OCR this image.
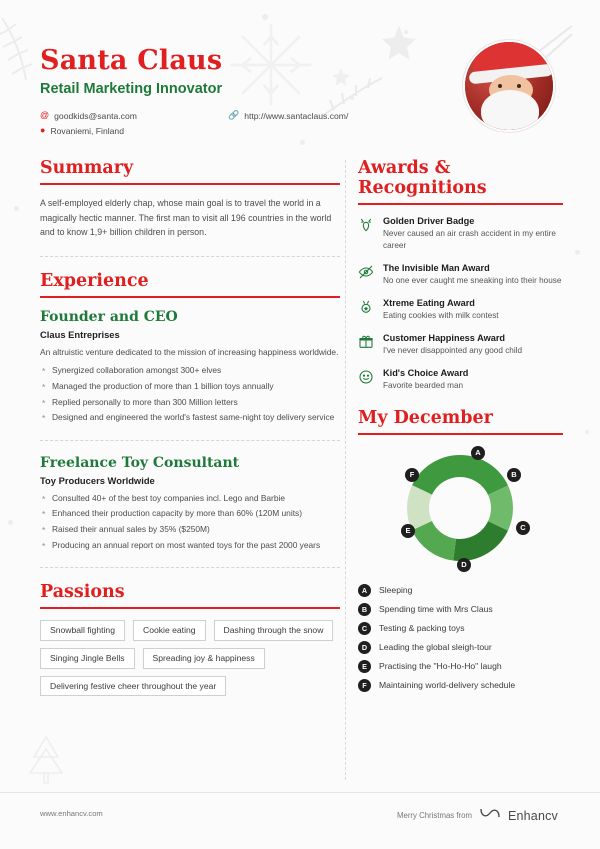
Santa Claus
Retail Marketing Innovator
@ goodkids@santa.com	🔗 http://www.santaclaus.com/
● Rovaniemi, Finland
Summary

A self-employed elderly chap, whose main goal is to travel the world in a magically hectic manner. The first man to visit all 196 countries in the world and to know 1,9+ billion children in person.

Experience
Founder and CEO
Claus Entreprises
An altruistic venture dedicated to the mission of increasing happiness worldwide.
* Synergized collaboration amongst 300+ elves
* Managed the production of more than 1 billion toys annually
* Replied personally to more than 300 Million letters
* Designed and engineered the world's fastest same-night toy delivery service
Freelance Toy Consultant
Toy Producers Worldwide
* Consulted 40+ of the best toy companies incl. Lego and Barbie
* Enhanced their production capacity by more than 60% (120M units)
* Raised their annual sales by 35% ($250M)
* Producing an annual report on most wanted toys for the past 2000 years
Passions
Snowball fighting	Cookie eating	Dashing through the snow
Singing Jingle Bells	Spreading joy & happiness
Delivering festive cheer throughout the year
Awards &
Recognitions

Golden Driver Badge

Never caused an air crash accident in my entire career

The Invisible Man Award

No one ever caught me sneaking into their house

Xtreme Eating Award

Eating cookies with milk contest

Customer Happiness Award

I've never disappointed any good child

Kid's Choice Award

Favorite bearded man

My December
A
B
C
D
E
F
A	Sleeping
B	Spending time with Mrs Claus
C	Testing & packing toys
D	Leading the global sleigh-tour
E	Practising the "Ho-Ho-Ho" laugh
F	Maintaining world-delivery schedule
www.enhancv.com	Merry Christmas from	Enhancv
